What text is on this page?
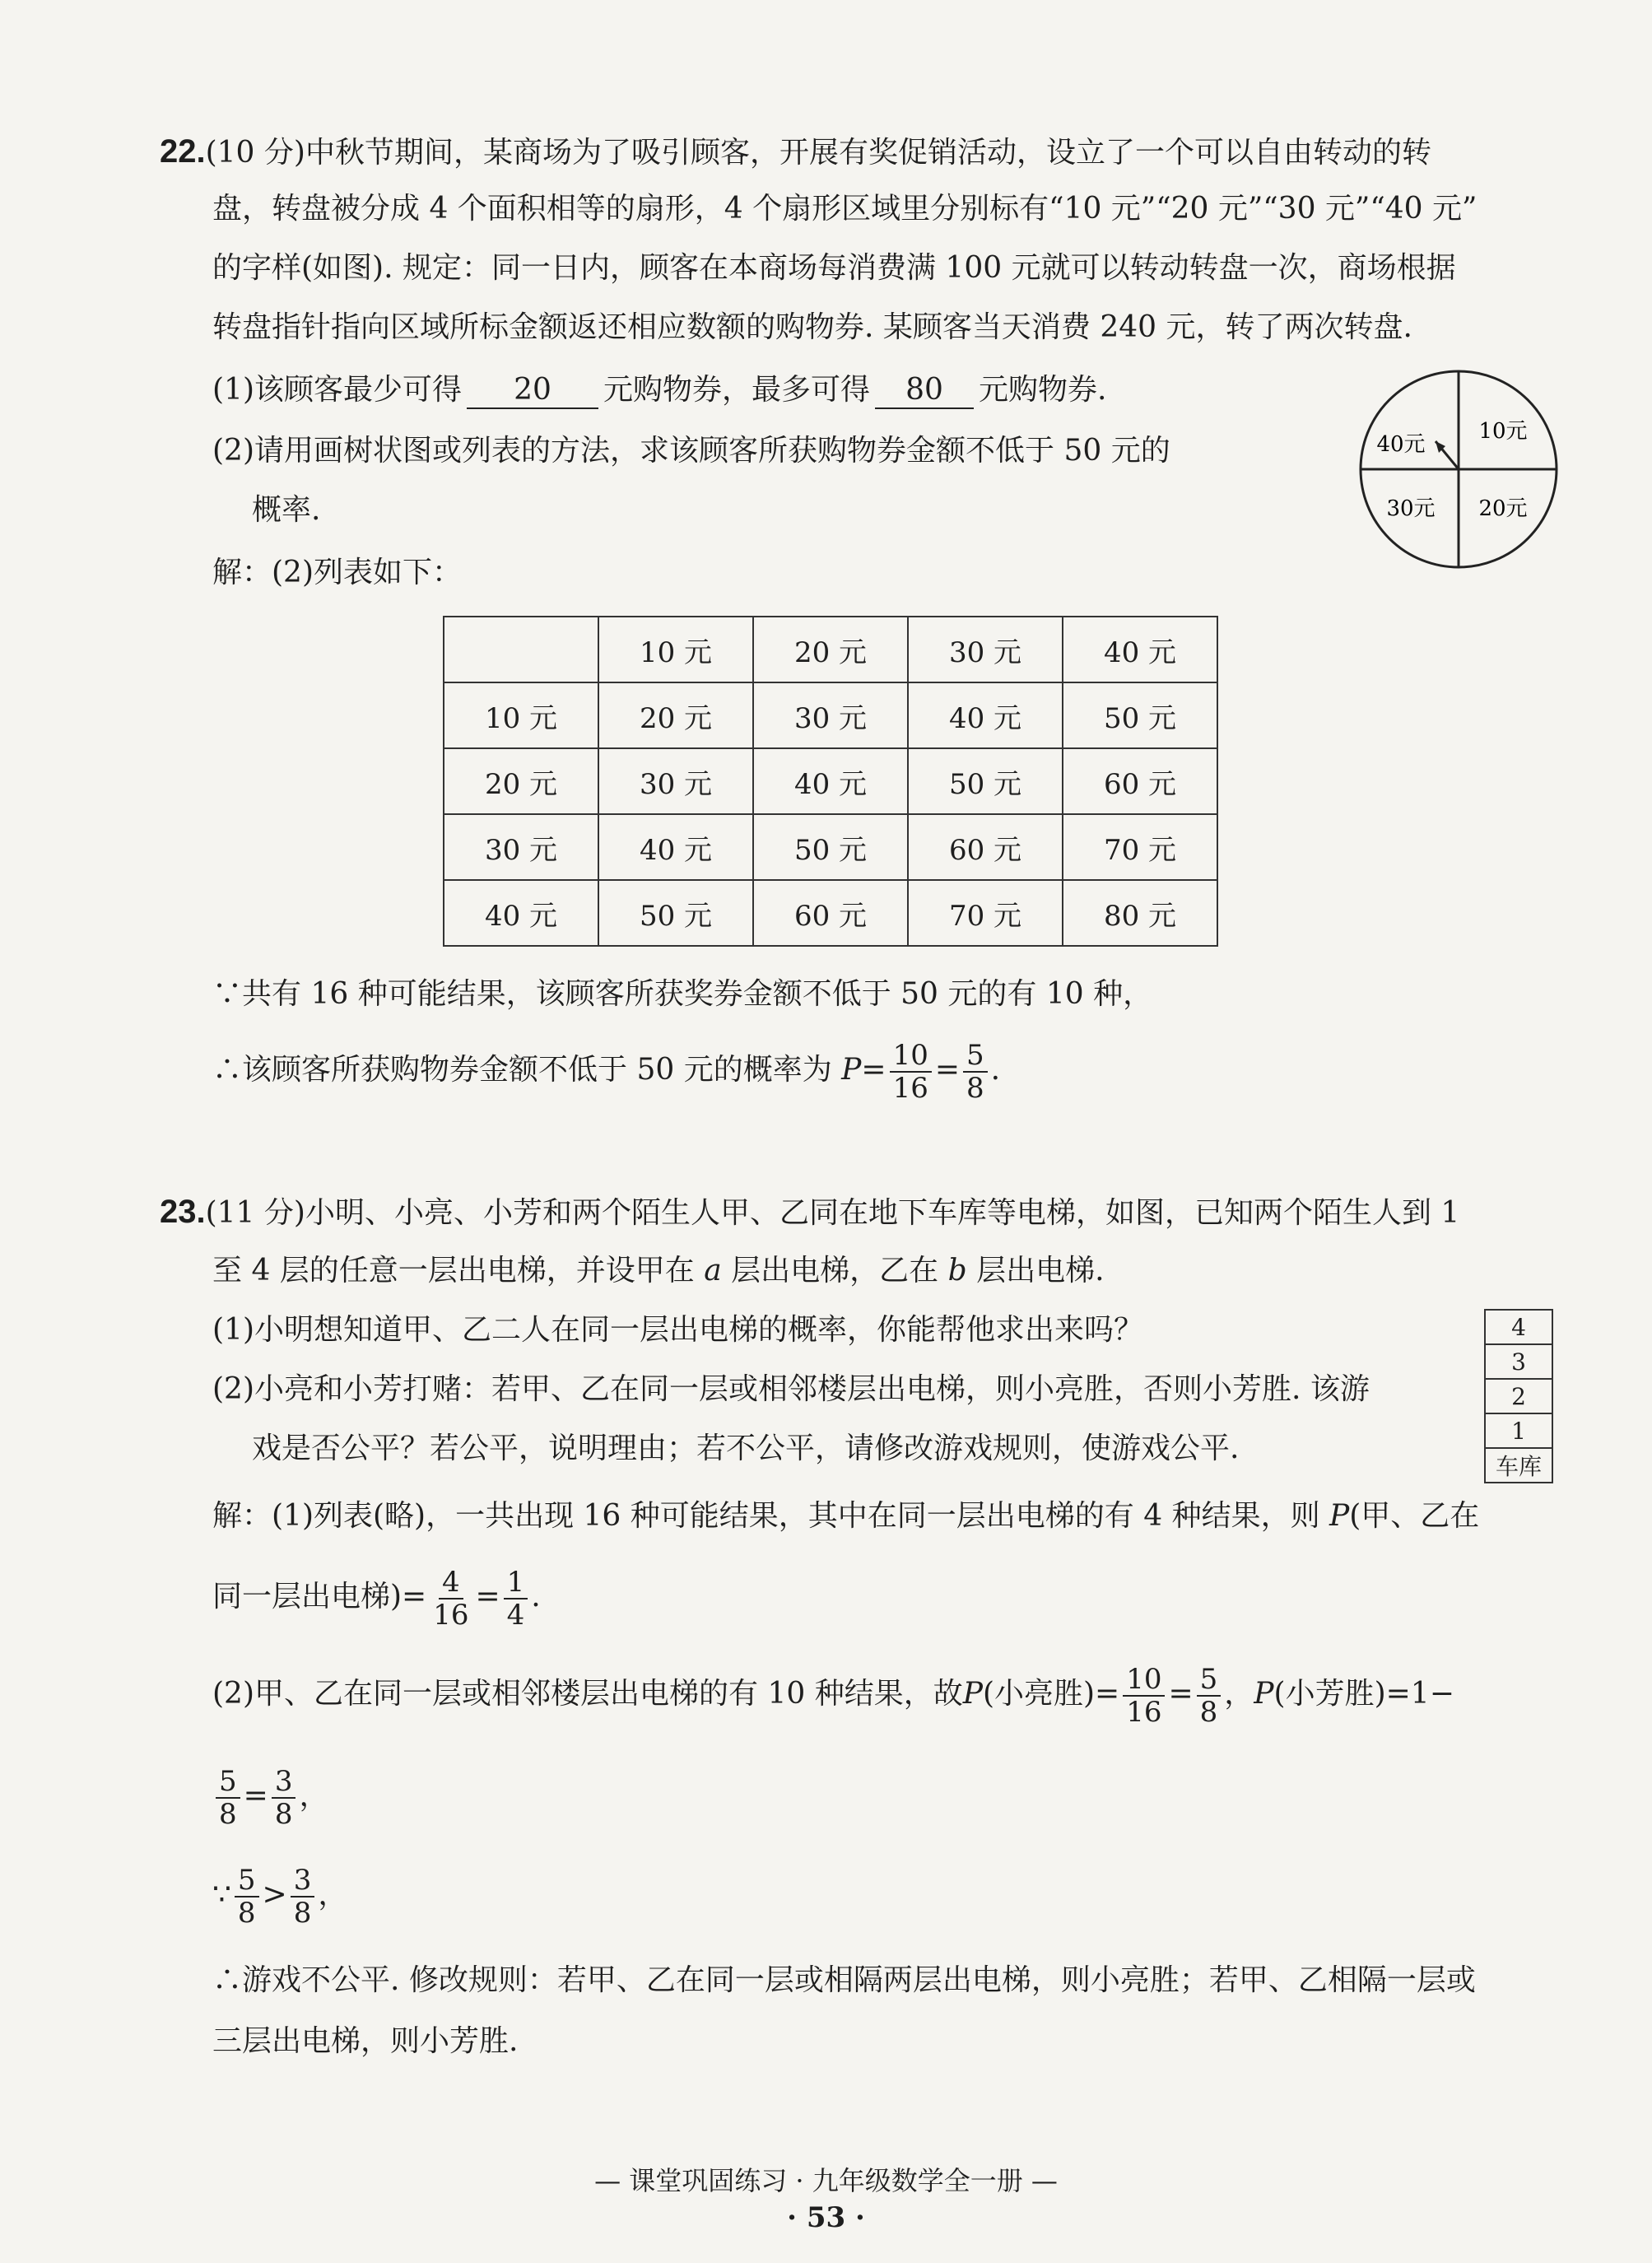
22.(10 分)中秋节期间，某商场为了吸引顾客，开展有奖促销活动，设立了一个可以自由转动的转
盘，转盘被分成 4 个面积相等的扇形，4 个扇形区域里分别标有“10 元”“20 元”“30 元”“40 元”
的字样(如图). 规定：同一日内，顾客在本商场每消费满 100 元就可以转动转盘一次，商场根据
转盘指针指向区域所标金额返还相应数额的购物券. 某顾客当天消费 240 元，转了两次转盘.
(1)该顾客最少可得 20 元购物券，最多可得 80 元购物券.
(2)请用画树状图或列表的方法，求该顾客所获购物券金额不低于 50 元的
概率.
10元
40元
30元 20元
解：(2)列表如下：
	10 元	20 元	30 元	40 元
10 元	20 元	30 元	40 元	50 元
20 元	30 元	40 元	50 元	60 元
30 元	40 元	50 元	60 元	70 元
40 元	50 元	60 元	70 元	80 元
∵共有 16 种可能结果，该顾客所获奖券金额不低于 50 元的有 10 种，
∴该顾客所获购物券金额不低于 50 元的概率为 $P= \frac{10}{16} = \frac{5}{8}$ .
23.(11 分)小明、小亮、小芳和两个陌生人甲、乙同在地下车库等电梯，如图，已知两个陌生人到 1
至 4 层的任意一层出电梯，并设甲在 a 层出电梯，乙在 b 层出电梯.
(1)小明想知道甲、乙二人在同一层出电梯的概率，你能帮他求出来吗？
(2)小亮和小芳打赌：若甲、乙在同一层或相邻楼层出电梯，则小亮胜，否则小芳胜. 该游
戏是否公平？若公平，说明理由；若不公平，请修改游戏规则，使游戏公平.
4
3
2
1
车库
解：(1)列表(略)，一共出现 16 种可能结果，其中在同一层出电梯的有 4 种结果，则 P(甲、乙在
同一层出电梯)= $\frac{4}{16} = \frac{1}{4}$ .
(2)甲、乙在同一层或相邻楼层出电梯的有 10 种结果，故P(小亮胜)= $\frac{10}{16} = \frac{5}{8}$ ，P(小芳胜)=1−
$\frac{5}{8} = \frac{3}{8}$ ，
∵ $\frac{5}{8} > \frac{3}{8}$ ，
∴游戏不公平. 修改规则：若甲、乙在同一层或相隔两层出电梯，则小亮胜；若甲、乙相隔一层或
三层出电梯，则小芳胜.
— 课堂巩固练习 · 九年级数学全一册 —
· 53 ·
